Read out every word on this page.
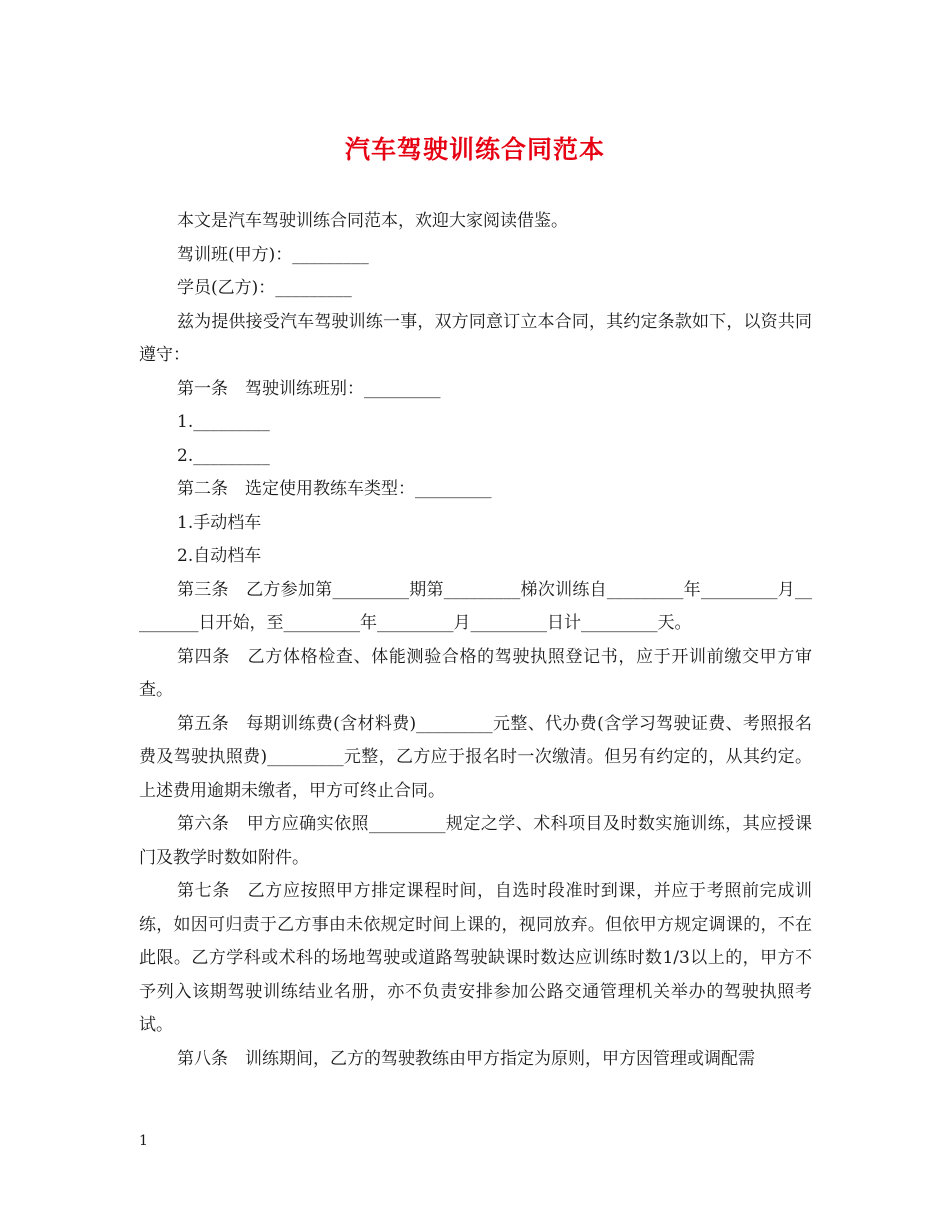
汽车驾驶训练合同范本

本文是汽车驾驶训练合同范本，欢迎大家阅读借鉴。

驾训班(甲方)：_________

学员(乙方)：_________

兹为提供接受汽车驾驶训练一事，双方同意订立本合同，其约定条款如下，以资共同遵守：

第一条　驾驶训练班别：_________

1._________

2._________

第二条　选定使用教练车类型：_________

1.手动档车

2.自动档车

第三条　乙方参加第_________期第_________梯次训练自_________年_________月_________日开始，至_________年_________月_________日计_________天。

第四条　乙方体格检查、体能测验合格的驾驶执照登记书，应于开训前缴交甲方审查。

第五条　每期训练费(含材料费)_________元整、代办费(含学习驾驶证费、考照报名费及驾驶执照费)_________元整，乙方应于报名时一次缴清。但另有约定的，从其约定。上述费用逾期未缴者，甲方可终止合同。

第六条　甲方应确实依照_________规定之学、术科项目及时数实施训练，其应授课门及教学时数如附件。

第七条　乙方应按照甲方排定课程时间，自选时段准时到课，并应于考照前完成训练，如因可归责于乙方事由未依规定时间上课的，视同放弃。但依甲方规定调课的，不在此限。乙方学科或术科的场地驾驶或道路驾驶缺课时数达应训练时数1/3以上的，甲方不予列入该期驾驶训练结业名册，亦不负责安排参加公路交通管理机关举办的驾驶执照考试。

第八条　训练期间，乙方的驾驶教练由甲方指定为原则，甲方因管理或调配需

1
